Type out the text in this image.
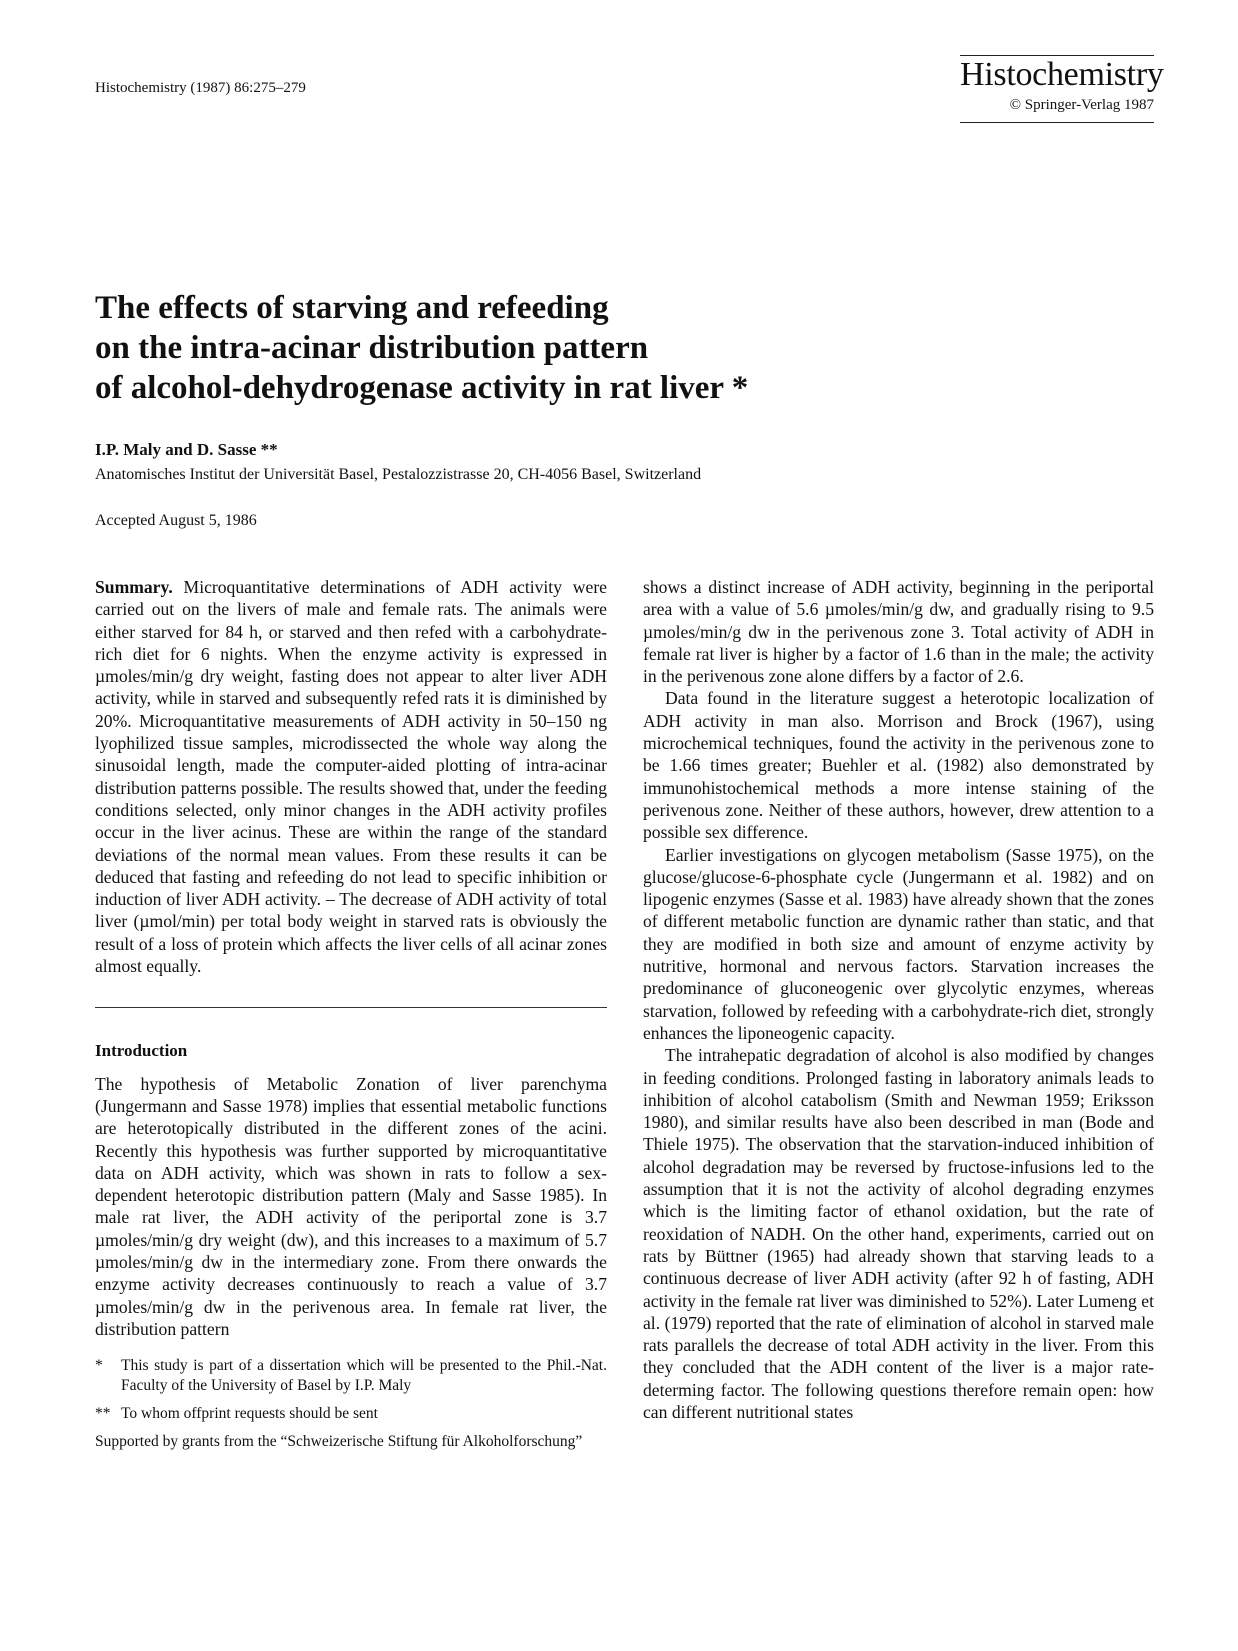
Histochemistry (1987) 86:275–279	Histochemistry
© Springer-Verlag 1987
The effects of starving and refeeding
on the intra-acinar distribution pattern
of alcohol-dehydrogenase activity in rat liver *
I.P. Maly and D. Sasse **
Anatomisches Institut der Universität Basel, Pestalozzistrasse 20, CH-4056 Basel, Switzerland
Accepted August 5, 1986

Summary. Microquantitative determinations of ADH activity were carried out on the livers of male and female rats. The animals were either starved for 84 h, or starved and then refed with a carbohydrate-rich diet for 6 nights. When the enzyme activity is expressed in µmoles/min/g dry weight, fasting does not appear to alter liver ADH activity, while in starved and subsequently refed rats it is diminished by 20%. Microquantitative measurements of ADH activity in 50–150 ng lyophilized tissue samples, microdissected the whole way along the sinusoidal length, made the computer-aided plotting of intra-acinar distribution patterns possible. The results showed that, under the feeding conditions selected, only minor changes in the ADH activity profiles occur in the liver acinus. These are within the range of the standard deviations of the normal mean values. From these results it can be deduced that fasting and refeeding do not lead to specific inhibition or induction of liver ADH activity. – The decrease of ADH activity of total liver (µmol/min) per total body weight in starved rats is obviously the result of a loss of protein which affects the liver cells of all acinar zones almost equally.

Introduction

The hypothesis of Metabolic Zonation of liver parenchyma (Jungermann and Sasse 1978) implies that essential metabolic functions are heterotopically distributed in the different zones of the acini. Recently this hypothesis was further supported by microquantitative data on ADH activity, which was shown in rats to follow a sex-dependent heterotopic distribution pattern (Maly and Sasse 1985). In male rat liver, the ADH activity of the periportal zone is 3.7 µmoles/min/g dry weight (dw), and this increases to a maximum of 5.7 µmoles/min/g dw in the intermediary zone. From there onwards the enzyme activity decreases continuously to reach a value of 3.7 µmoles/min/g dw in the perivenous area. In female rat liver, the distribution pattern

*	This study is part of a dissertation which will be presented to the Phil.-Nat. Faculty of the University of Basel by I.P. Maly
** To whom offprint requests should be sent
Supported by grants from the “Schweizerische Stiftung für Alkoholforschung”

shows a distinct increase of ADH activity, beginning in the periportal area with a value of 5.6 µmoles/min/g dw, and gradually rising to 9.5 µmoles/min/g dw in the perivenous zone 3. Total activity of ADH in female rat liver is higher by a factor of 1.6 than in the male; the activity in the perivenous zone alone differs by a factor of 2.6.

Data found in the literature suggest a heterotopic localization of ADH activity in man also. Morrison and Brock (1967), using microchemical techniques, found the activity in the perivenous zone to be 1.66 times greater; Buehler et al. (1982) also demonstrated by immunohistochemical methods a more intense staining of the perivenous zone. Neither of these authors, however, drew attention to a possible sex difference.

Earlier investigations on glycogen metabolism (Sasse 1975), on the glucose/glucose-6-phosphate cycle (Jungermann et al. 1982) and on lipogenic enzymes (Sasse et al. 1983) have already shown that the zones of different metabolic function are dynamic rather than static, and that they are modified in both size and amount of enzyme activity by nutritive, hormonal and nervous factors. Starvation increases the predominance of gluconeogenic over glycolytic enzymes, whereas starvation, followed by refeeding with a carbohydrate-rich diet, strongly enhances the liponeogenic capacity.

The intrahepatic degradation of alcohol is also modified by changes in feeding conditions. Prolonged fasting in laboratory animals leads to inhibition of alcohol catabolism (Smith and Newman 1959; Eriksson 1980), and similar results have also been described in man (Bode and Thiele 1975). The observation that the starvation-induced inhibition of alcohol degradation may be reversed by fructose-infusions led to the assumption that it is not the activity of alcohol degrading enzymes which is the limiting factor of ethanol oxidation, but the rate of reoxidation of NADH. On the other hand, experiments, carried out on rats by Büttner (1965) had already shown that starving leads to a continuous decrease of liver ADH activity (after 92 h of fasting, ADH activity in the female rat liver was diminished to 52%). Later Lumeng et al. (1979) reported that the rate of elimination of alcohol in starved male rats parallels the decrease of total ADH activity in the liver. From this they concluded that the ADH content of the liver is a major rate-determing factor. The following questions therefore remain open: how can different nutritional states
